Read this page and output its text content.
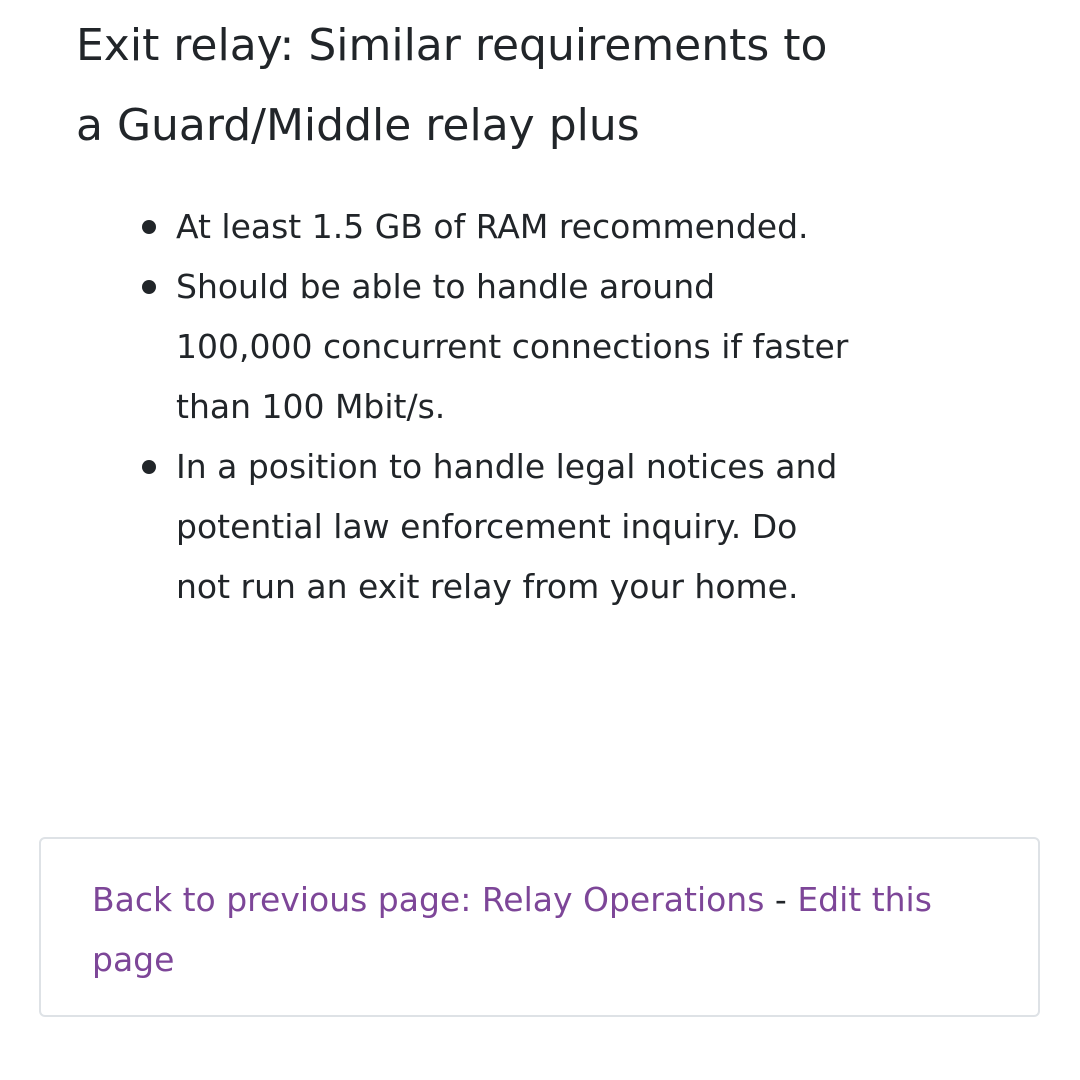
Exit relay: Similar requirements to a Guard/Middle relay plus
At least 1.5 GB of RAM recommended.
Should be able to handle around 100,000 concurrent connections if faster than 100 Mbit/s.
In a position to handle legal notices and potential law enforcement inquiry. Do not run an exit relay from your home.

Back to previous page: Relay Operations - Edit this page
